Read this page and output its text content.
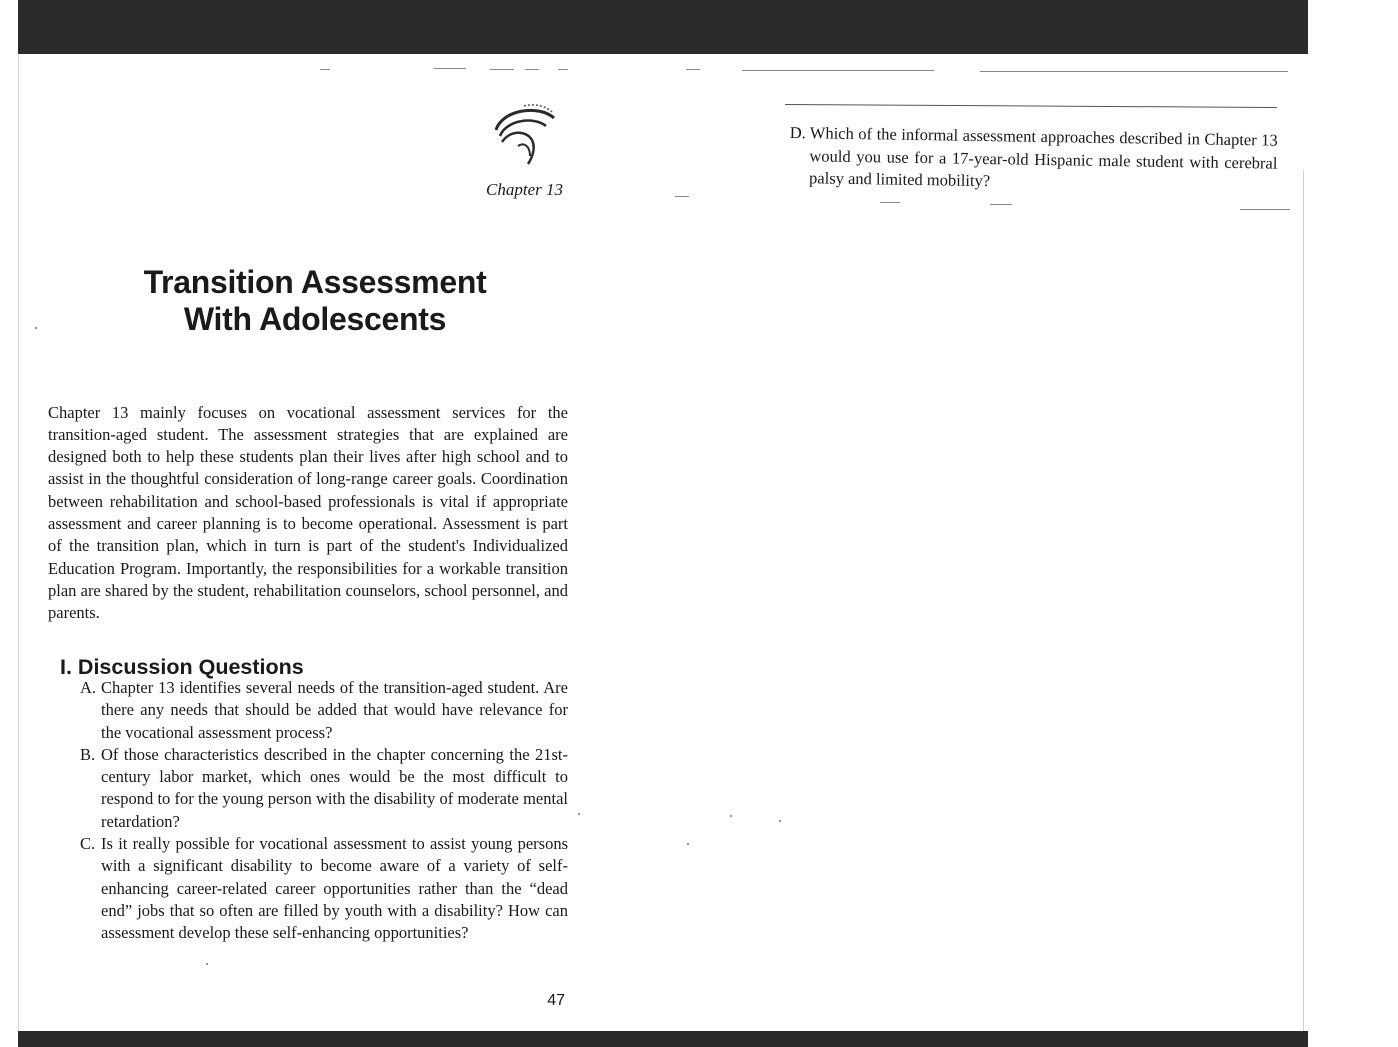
Chapter 13
Transition Assessment
With Adolescents

Chapter 13 mainly focuses on vocational assessment services for the transition-aged student. The assessment strategies that are explained are designed both to help these students plan their lives after high school and to assist in the thoughtful consideration of long-range career goals. Coordination between rehabilitation and school-based professionals is vital if appropriate assessment and career planning is to become operational. Assessment is part of the transition plan, which in turn is part of the student's Individualized Education Program. Importantly, the responsibilities for a workable transition plan are shared by the student, rehabilitation counselors, school personnel, and parents.

I. Discussion Questions
A. Chapter 13 identifies several needs of the transition-aged student. Are there any needs that should be added that would have relevance for the vocational assessment process?
B. Of those characteristics described in the chapter concerning the 21st-century labor market, which ones would be the most difficult to respond to for the young person with the disability of moderate mental retardation?
C. Is it really possible for vocational assessment to assist young persons with a significant disability to become aware of a variety of self-enhancing career-related career opportunities rather than the “dead end” jobs that so often are filled by youth with a disability? How can assessment develop these self-enhancing opportunities?
47
D. Which of the informal assessment approaches described in Chapter 13 would you use for a 17-year-old Hispanic male student with cerebral palsy and limited mobility?
